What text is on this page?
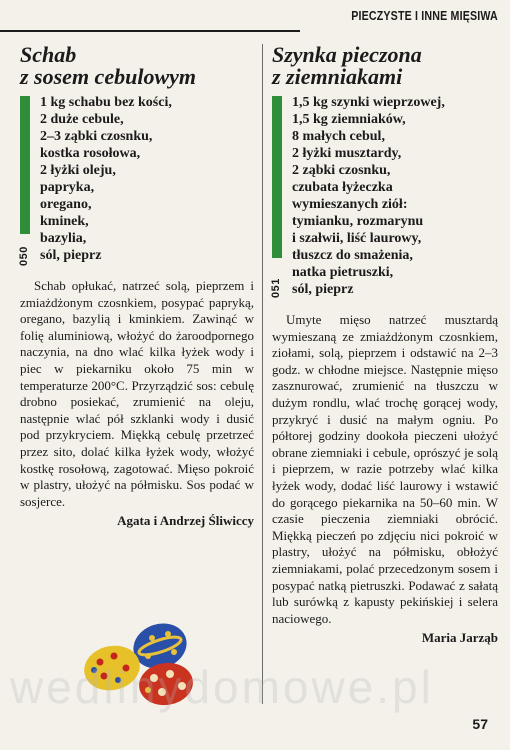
PIECZYSTE I INNE MIĘSIWA
Schab
z sosem cebulowym
050
1 kg schabu bez kości,
2 duże cebule,
2–3 ząbki czosnku,
kostka rosołowa,
2 łyżki oleju,
papryka,
oregano,
kminek,
bazylia,
sól, pieprz

Schab opłukać, natrzeć solą, pieprzem i zmiażdżonym czosnkiem, posypać papryką, oregano, bazylią i kminkiem. Zawinąć w folię aluminiową, włożyć do żaroodpornego naczynia, na dno wlać kilka łyżek wody i piec w piekarniku około 75 min w temperaturze 200°C. Przyrządzić sos: cebulę drobno posiekać, zrumienić na oleju, następnie wlać pół szklanki wody i dusić pod przykryciem. Miękką cebulę przetrzeć przez sito, dolać kilka łyżek wody, włożyć kostkę rosołową, zagotować. Mięso pokroić w plastry, ułożyć na półmisku. Sos podać w sosjerce.

Agata i Andrzej Śliwiccy
Szynka pieczona
z ziemniakami
051
1,5 kg szynki wieprzowej,
1,5 kg ziemniaków,
8 małych cebul,
2 łyżki musztardy,
2 ząbki czosnku,
czubata łyżeczka
wymieszanych ziół:
tymianku, rozmarynu
i szałwii, liść laurowy,
tłuszcz do smażenia,
natka pietruszki,
sól, pieprz

Umyte mięso natrzeć musztardą wymieszaną ze zmiażdżonym czosnkiem, ziołami, solą, pieprzem i odstawić na 2–3 godz. w chłodne miejsce. Następnie mięso zasznurować, zrumienić na tłuszczu w dużym rondlu, wlać trochę gorącej wody, przykryć i dusić na małym ogniu. Po półtorej godziny dookoła pieczeni ułożyć obrane ziemniaki i cebule, oprószyć je solą i pieprzem, w razie potrzeby wlać kilka łyżek wody, dodać liść laurowy i wstawić do gorącego piekarnika na 50–60 min. W czasie pieczenia ziemniaki obrócić. Miękką pieczeń po zdjęciu nici pokroić w plastry, ułożyć na półmisku, obłożyć ziemniakami, polać przecedzonym sosem i posypać natką pietruszki. Podawać z sałatą lub surówką z kapusty pekińskiej i selera naciowego.

Maria Jarząb
wedlinydomowe.pl
57
